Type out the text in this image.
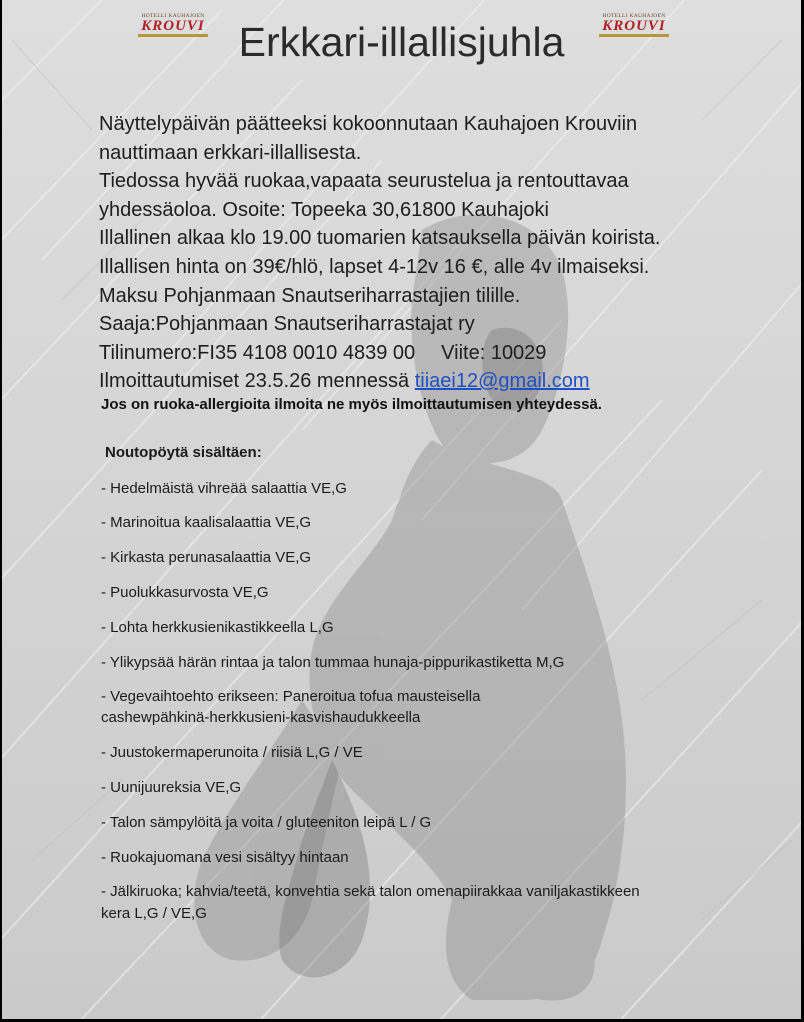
HOTELLI KAUHAJOEN
KROUVI
HOTELLI KAUHAJOEN
KROUVI
Erkkari-illallisjuhla

Näyttelypäivän päätteeksi kokoonnutaan Kauhajoen Krouviin

nauttimaan erkkari-illallisesta.

Tiedossa hyvää ruokaa,vapaata seurustelua ja rentouttavaa

yhdessäoloa. Osoite: Topeeka 30,61800 Kauhajoki

Illallinen alkaa klo 19.00 tuomarien katsauksella päivän koirista.

Illallisen hinta on 39€/hlö, lapset 4-12v 16 €, alle 4v ilmaiseksi.

Maksu Pohjanmaan Snautseriharrastajien tilille.

Saaja:Pohjanmaan Snautseriharrastajat ry

Tilinumero:FI35 4108 0010 4839 00 Viite: 10029

Ilmoittautumiset 23.5.26 mennessä tiiaei12@gmail.com

Jos on ruoka-allergioita ilmoita ne myös ilmoittautumisen yhteydessä.

Noutopöytä sisältäen:

- Hedelmäistä vihreää salaattia VE,G

- Marinoitua kaalisalaattia VE,G

- Kirkasta perunasalaattia VE,G

- Puolukkasurvosta VE,G

- Lohta herkkusienikastikkeella L,G

- Ylikypsää härän rintaa ja talon tummaa hunaja-pippurikastiketta M,G

- Vegevaihtoehto erikseen: Paneroitua tofua mausteisella

cashewpähkinä-herkkusieni-kasvishaudukkeella

- Juustokermaperunoita / riisiä L,G / VE

- Uunijuureksia VE,G

- Talon sämpylöitä ja voita / gluteeniton leipä L / G

- Ruokajuomana vesi sisältyy hintaan

- Jälkiruoka; kahvia/teetä, konvehtia sekä talon omenapiirakkaa vaniljakastikkeen

kera L,G / VE,G
